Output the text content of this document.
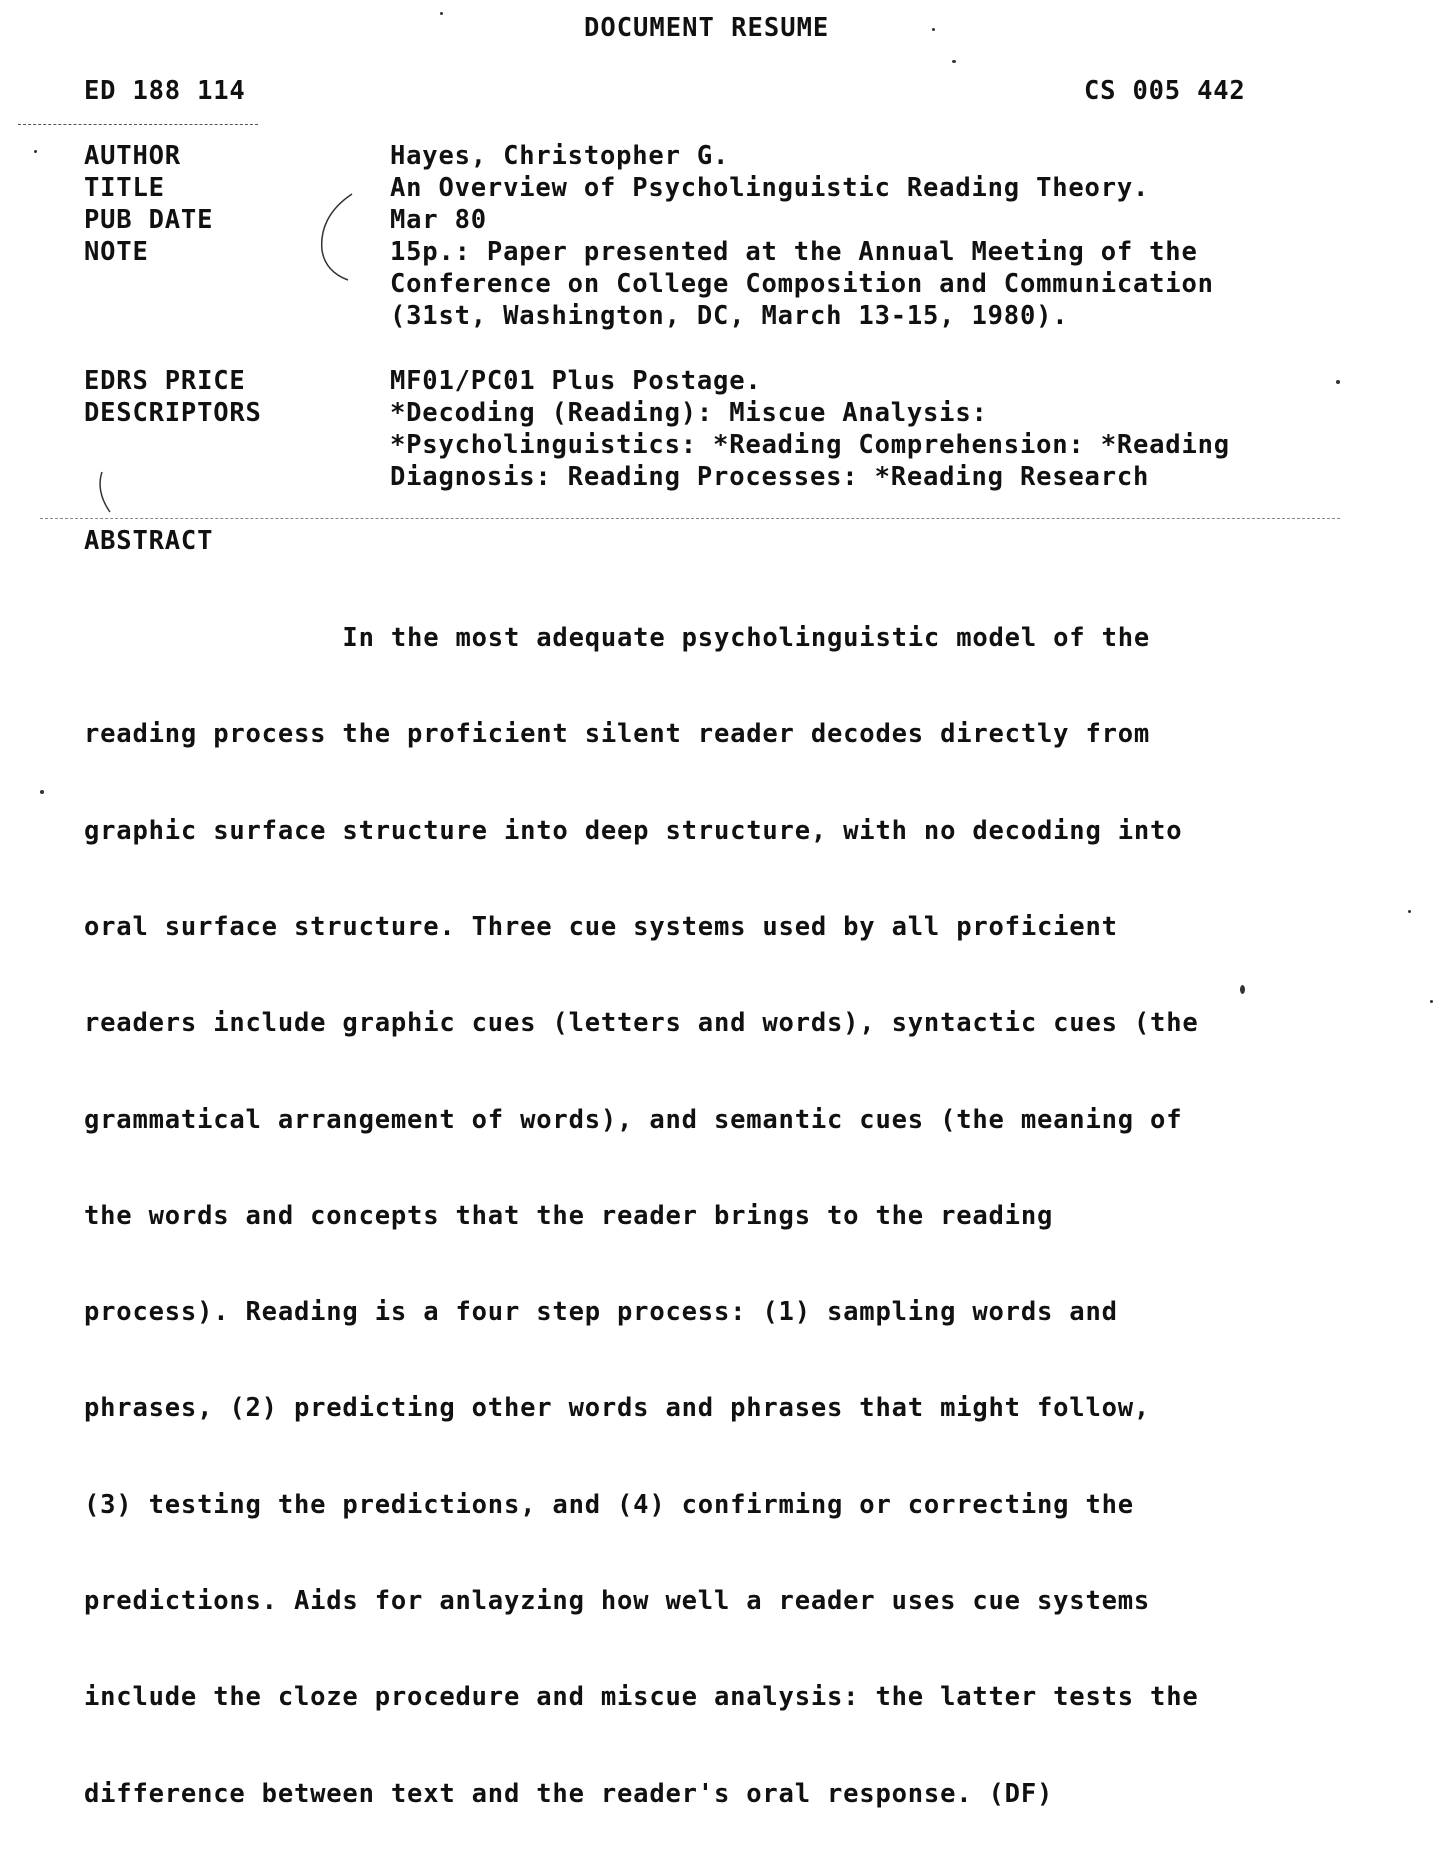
DOCUMENT RESUME
ED 188 114	CS 005 442
AUTHOR	Hayes, Christopher G.
TITLE	An Overview of Psycholinguistic Reading Theory.
PUB DATE	Mar 80
NOTE	15p.: Paper presented at the Annual Meeting of the
Conference on College Composition and Communication
(31st, Washington, DC, March 13-15, 1980).
EDRS PRICE	MF01/PC01 Plus Postage.
DESCRIPTORS	*Decoding (Reading): Miscue Analysis:
*Psycholinguistics: *Reading Comprehension: *Reading
Diagnosis: Reading Processes: *Reading Research
ABSTRACT

In the most adequate psycholinguistic model of the

reading process the proficient silent reader decodes directly from

graphic surface structure into deep structure, with no decoding into

oral surface structure. Three cue systems used by all proficient

readers include graphic cues (letters and words), syntactic cues (the

grammatical arrangement of words), and semantic cues (the meaning of

the words and concepts that the reader brings to the reading

process). Reading is a four step process: (1) sampling words and

phrases, (2) predicting other words and phrases that might follow,

(3) testing the predictions, and (4) confirming or correcting the

predictions. Aids for anlayzing how well a reader uses cue systems

include the cloze procedure and miscue analysis: the latter tests the

difference between text and the reader's oral response. (DF)
